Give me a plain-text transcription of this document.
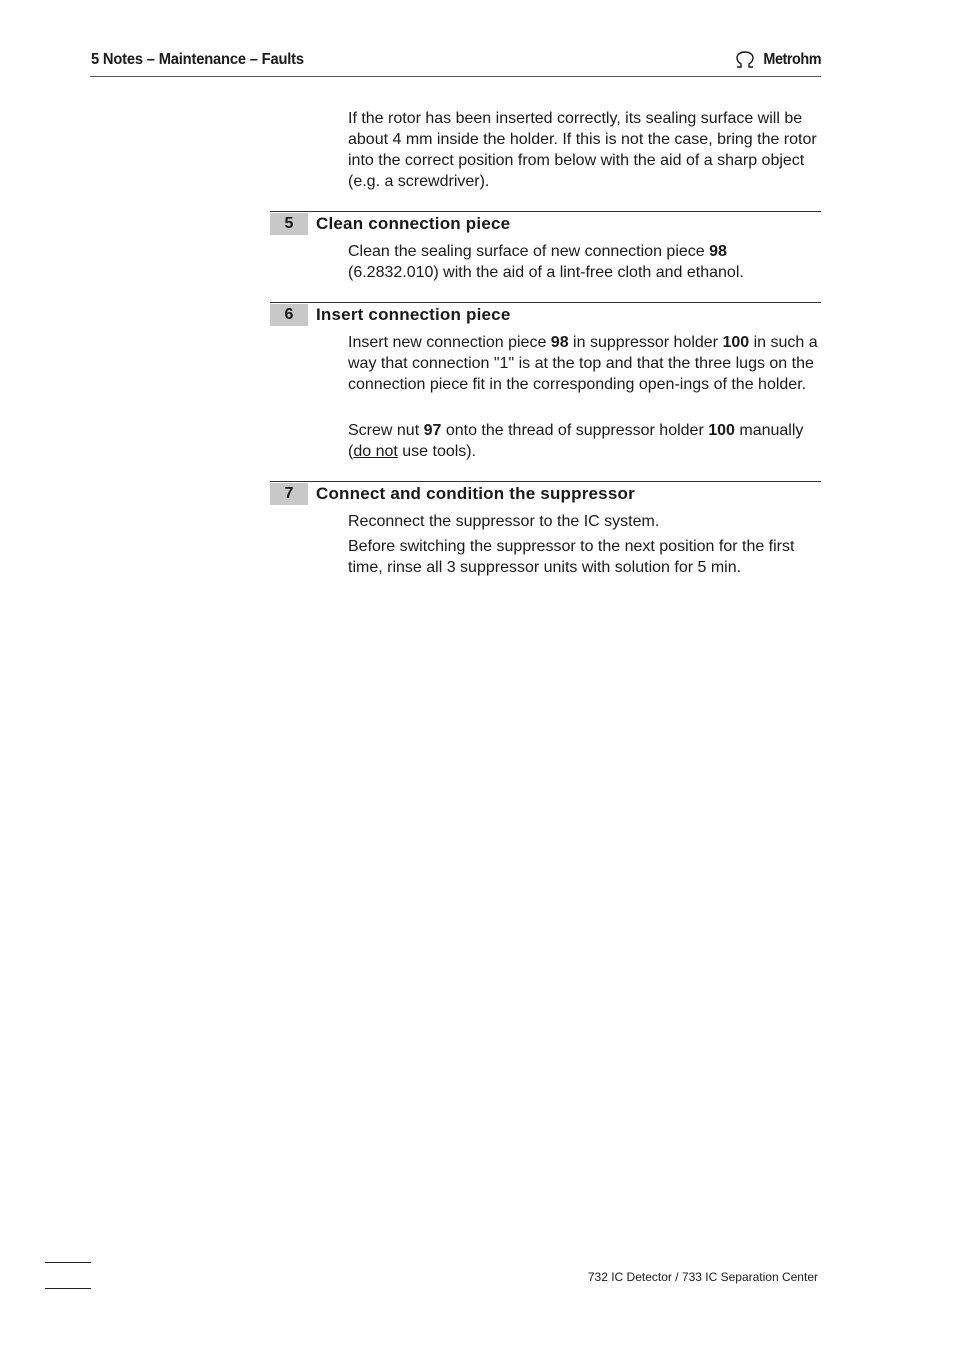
5 Notes – Maintenance – Faults	Metrohm

If the rotor has been inserted correctly, its sealing surface will be about 4 mm inside the holder. If this is not the case, bring the rotor into the correct position from below with the aid of a sharp object (e.g. a screwdriver).

5	Clean connection piece

Clean the sealing surface of new connection piece 98 (6.2832.010) with the aid of a lint-free cloth and ethanol.

6	Insert connection piece

Insert new connection piece 98 in suppressor holder 100 in such a way that connection "1" is at the top and that the three lugs on the connection piece fit in the corresponding open-ings of the holder.

Screw nut 97 onto the thread of suppressor holder 100 manually (do not use tools).

7	Connect and condition the suppressor

Reconnect the suppressor to the IC system.

Before switching the suppressor to the next position for the first time, rinse all 3 suppressor units with solution for 5 min.

732 IC Detector / 733 IC Separation Center
